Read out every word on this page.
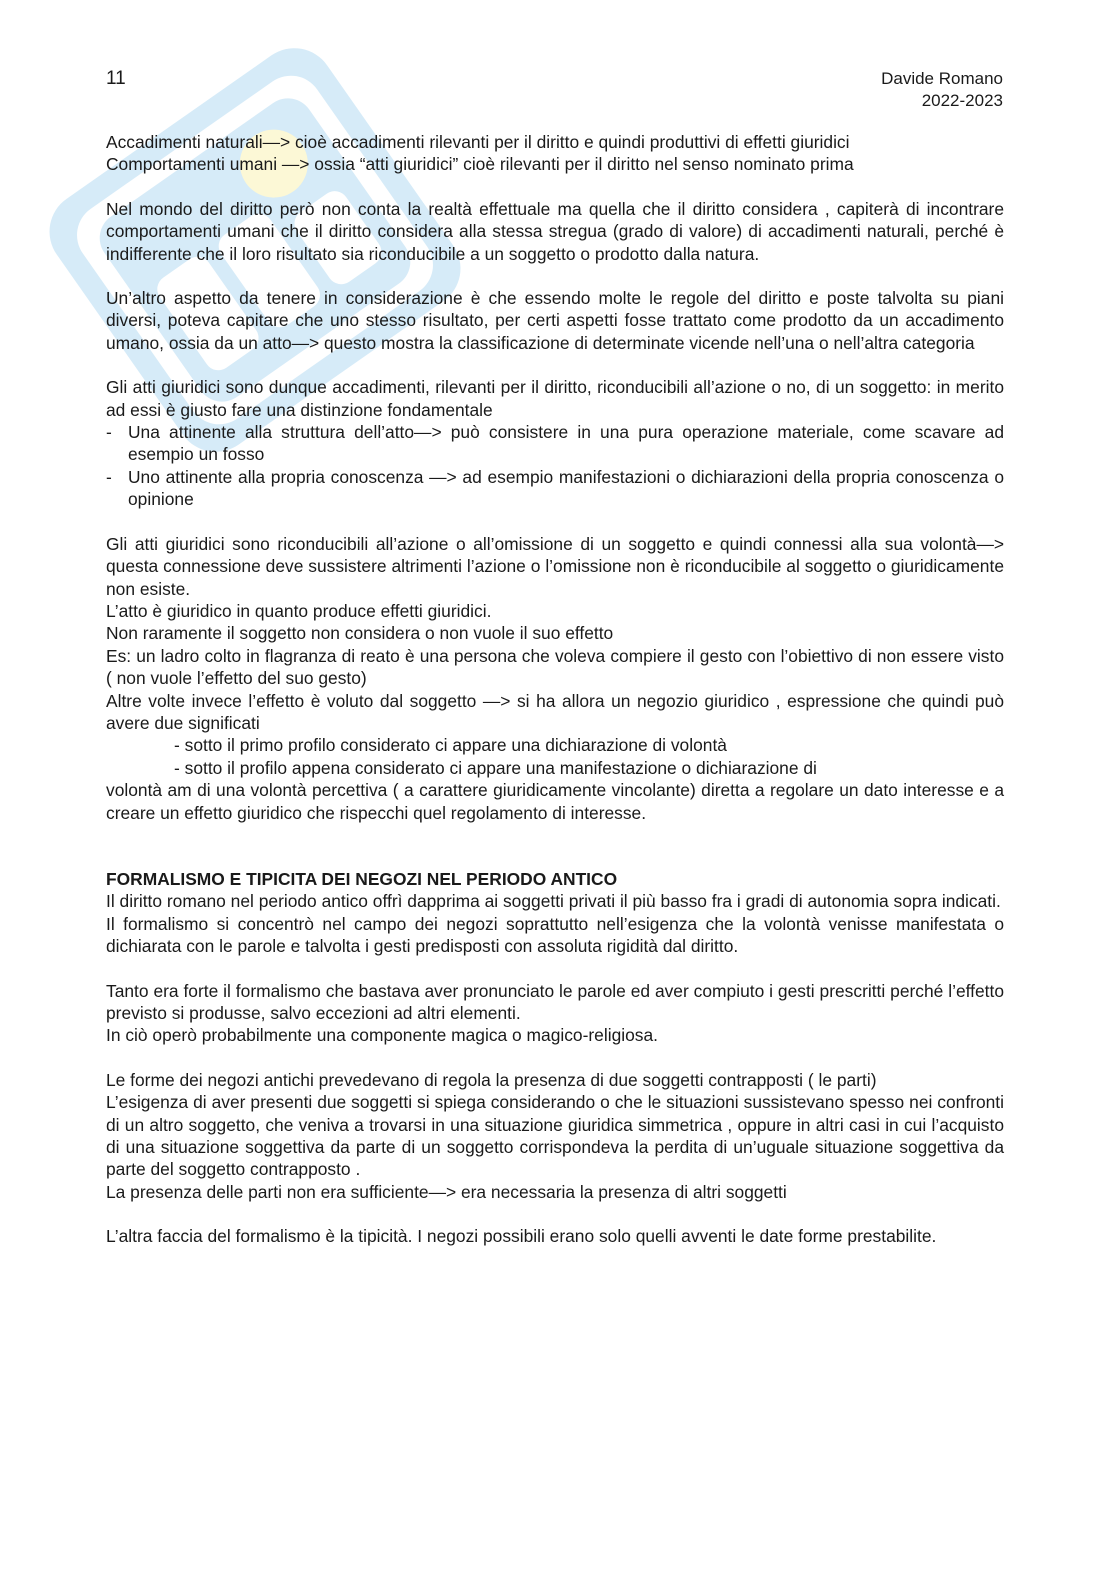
11	Davide Romano
2022-2023

Accadimenti naturali—> cioè accadimenti rilevanti per il diritto e quindi produttivi di effetti giuridici

Comportamenti umani —> ossia “atti giuridici” cioè rilevanti per il diritto nel senso nominato prima

Nel mondo del diritto però non conta la realtà effettuale ma quella che il diritto considera , capiterà di incontrare comportamenti umani che il diritto considera alla stessa stregua (grado di valore) di accadimenti naturali, perché è indifferente che il loro risultato sia riconducibile a un soggetto o prodotto dalla natura.

Un’altro aspetto da tenere in considerazione è che essendo molte le regole del diritto e poste talvolta su piani diversi, poteva capitare che uno stesso risultato, per certi aspetti fosse trattato come prodotto da un accadimento umano, ossia da un atto—> questo mostra la classificazione di determinate vicende nell’una o nell’altra categoria

Gli atti giuridici sono dunque accadimenti, rilevanti per il diritto, riconducibili all’azione o no, di un soggetto: in merito ad essi è giusto fare una distinzione fondamentale

- Una attinente alla struttura dell’atto—> può consistere in una pura operazione materiale, come scavare ad esempio un fosso

- Uno attinente alla propria conoscenza —> ad esempio manifestazioni o dichiarazioni della propria conoscenza o opinione

Gli atti giuridici sono riconducibili all’azione o all’omissione di un soggetto e quindi connessi alla sua volontà—> questa connessione deve sussistere altrimenti l’azione o l’omissione non è riconducibile al soggetto o giuridicamente non esiste.

L’atto è giuridico in quanto produce effetti giuridici.

Non raramente il soggetto non considera o non vuole il suo effetto

Es: un ladro colto in flagranza di reato è una persona che voleva compiere il gesto con l’obiettivo di non essere visto ( non vuole l’effetto del suo gesto)

Altre volte invece l’effetto è voluto dal soggetto —> si ha allora un negozio giuridico , espressione che quindi può avere due significati

- sotto il primo profilo considerato ci appare una dichiarazione di volontà

- sotto il profilo appena considerato ci appare una manifestazione o dichiarazione di

volontà am di una volontà percettiva ( a carattere giuridicamente vincolante) diretta a regolare un dato interesse e a creare un effetto giuridico che rispecchi quel regolamento di interesse.

FORMALISMO E TIPICITA DEI NEGOZI NEL PERIODO ANTICO

Il diritto romano nel periodo antico offrì dapprima ai soggetti privati il più basso fra i gradi di autonomia sopra indicati.

Il formalismo si concentrò nel campo dei negozi soprattutto nell’esigenza che la volontà venisse manifestata o dichiarata con le parole e talvolta i gesti predisposti con assoluta rigidità dal diritto.

Tanto era forte il formalismo che bastava aver pronunciato le parole ed aver compiuto i gesti prescritti perché l’effetto previsto si produsse, salvo eccezioni ad altri elementi.

In ciò operò probabilmente una componente magica o magico-religiosa.

Le forme dei negozi antichi prevedevano di regola la presenza di due soggetti contrapposti ( le parti)

L’esigenza di aver presenti due soggetti si spiega considerando o che le situazioni sussistevano spesso nei confronti di un altro soggetto, che veniva a trovarsi in una situazione giuridica simmetrica , oppure in altri casi in cui l’acquisto di una situazione soggettiva da parte di un soggetto corrispondeva la perdita di un’uguale situazione soggettiva da parte del soggetto contrapposto .

La presenza delle parti non era sufficiente—> era necessaria la presenza di altri soggetti

L’altra faccia del formalismo è la tipicità. I negozi possibili erano solo quelli avventi le date forme prestabilite.
